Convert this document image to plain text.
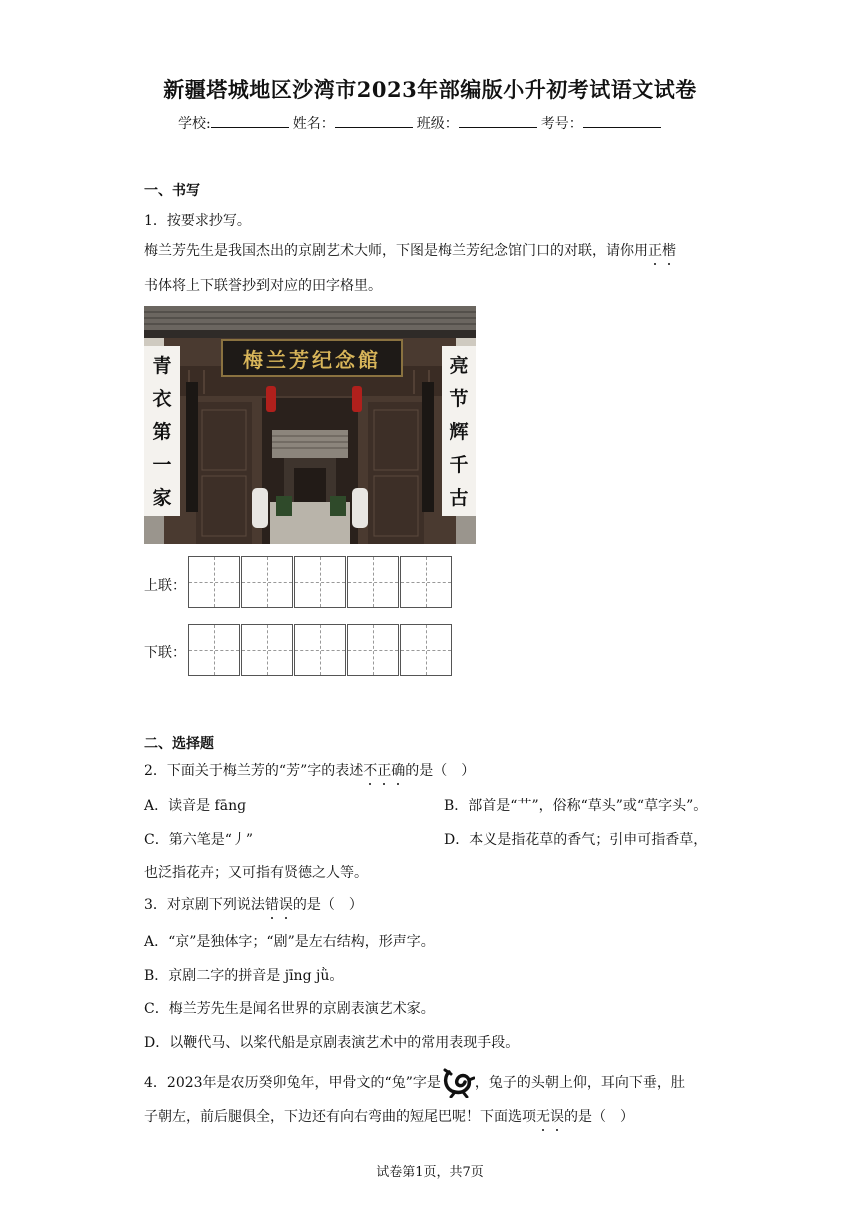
新疆塔城地区沙湾市2023年部编版小升初考试语文试卷
学校:	姓名：	班级：	考号：
一、书写
1．按要求抄写。
梅兰芳先生是我国杰出的京剧艺术大师，下图是梅兰芳纪念馆门口的对联，请你用正楷
书体将上下联誉抄到对应的田字格里。
梅兰芳纪念館
青
衣
第
一
家
亮
节
辉
千
古
上联：
下联：
二、选择题
2．下面关于梅兰芳的“芳”字的表述不正确的是（　）
A．读音是 fānɡ	B．部首是“艹”，俗称“草头”或“草字头”。
C．第六笔是“丿”	D．本义是指花草的香气；引申可指香草，
也泛指花卉；又可指有贤德之人等。
3．对京剧下列说法错误的是（　）
A．“京”是独体字；“剧”是左右结构，形声字。
B．京剧二字的拼音是 jīng jǜ。
C．梅兰芳先生是闻名世界的京剧表演艺术家。
D．以鞭代马、以桨代船是京剧表演艺术中的常用表现手段。
4．2023年是农历癸卯兔年，甲骨文的“兔”字是 ，兔子的头朝上仰，耳向下垂，肚
子朝左，前后腿俱全，下边还有向右弯曲的短尾巴呢！下面选项无误的是（　）
试卷第1页，共7页
